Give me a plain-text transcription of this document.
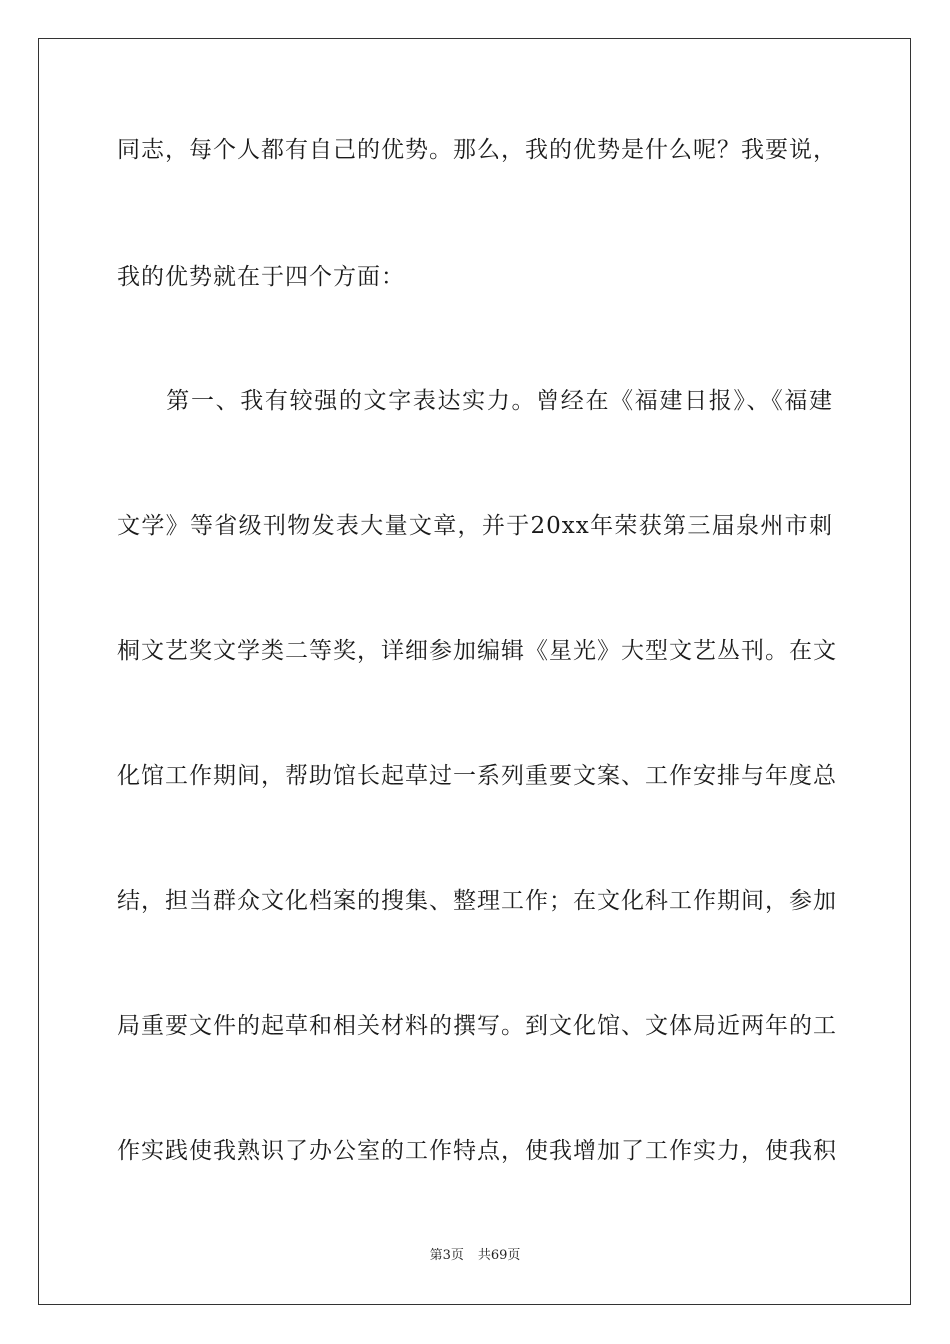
同志，每个人都有自己的优势。那么，我的优势是什么呢？我要说，
我的优势就在于四个方面：
　　第一、我有较强的文字表达实力。曾经在《福建日报》、《福建
文学》等省级刊物发表大量文章，并于20xx年荣获第三届泉州市刺
桐文艺奖文学类二等奖，详细参加编辑《星光》大型文艺丛刊。在文
化馆工作期间，帮助馆长起草过一系列重要文案、工作安排与年度总
结，担当群众文化档案的搜集、整理工作；在文化科工作期间，参加
局重要文件的起草和相关材料的撰写。到文化馆、文体局近两年的工
作实践使我熟识了办公室的工作特点，使我增加了工作实力，使我积
第3页 共69页
